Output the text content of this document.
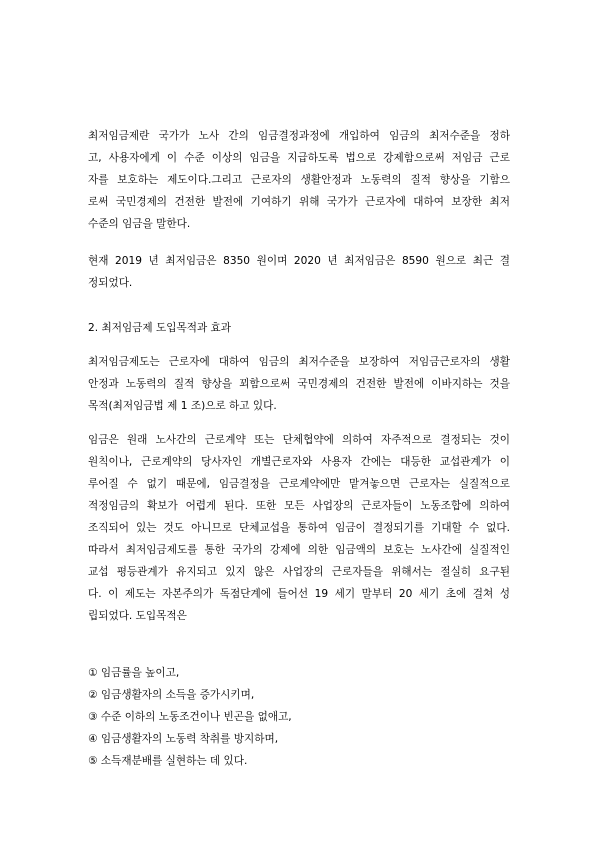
최저임금제란 국가가 노사 간의 임금결정과정에 개입하여 임금의 최저수준을 정하
고, 사용자에게 이 수준 이상의 임금을 지급하도록 법으로 강제함으로써 저임금 근로
자를 보호하는 제도이다.그리고 근로자의 생활안정과 노동력의 질적 향상을 기함으
로써 국민경제의 건전한 발전에 기여하기 위해 국가가 근로자에 대하여 보장한 최저
수준의 임금을 말한다.
현재 2019 년 최저임금은 8350 원이며 2020 년 최저임금은 8590 원으로 최근 결
정되었다.
2. 최저임금제 도입목적과 효과
최저임금제도는 근로자에 대하여 임금의 최저수준을 보장하여 저임금근로자의 생활
안정과 노동력의 질적 향상을 꾀함으로써 국민경제의 건전한 발전에 이바지하는 것을
목적(최저임금법 제 1 조)으로 하고 있다.
임금은 원래 노사간의 근로계약 또는 단체협약에 의하여 자주적으로 결정되는 것이
원칙이나, 근로계약의 당사자인 개별근로자와 사용자 간에는 대등한 교섭관계가 이
루어질 수 없기 때문에, 임금결정을 근로계약에만 맡겨놓으면 근로자는 실질적으로
적정임금의 확보가 어렵게 된다. 또한 모든 사업장의 근로자들이 노동조합에 의하여
조직되어 있는 것도 아니므로 단체교섭을 통하여 임금이 결정되기를 기대할 수 없다.
따라서 최저임금제도를 통한 국가의 강제에 의한 임금액의 보호는 노사간에 실질적인
교섭 평등관계가 유지되고 있지 않은 사업장의 근로자들을 위해서는 절실히 요구된
다. 이 제도는 자본주의가 독점단계에 들어선 19 세기 말부터 20 세기 초에 걸쳐 성
립되었다. 도입목적은
① 임금률을 높이고,
② 임금생활자의 소득을 증가시키며,
③ 수준 이하의 노동조건이나 빈곤을 없애고,
④ 임금생활자의 노동력 착취를 방지하며,
⑤ 소득재분배를 실현하는 데 있다.
